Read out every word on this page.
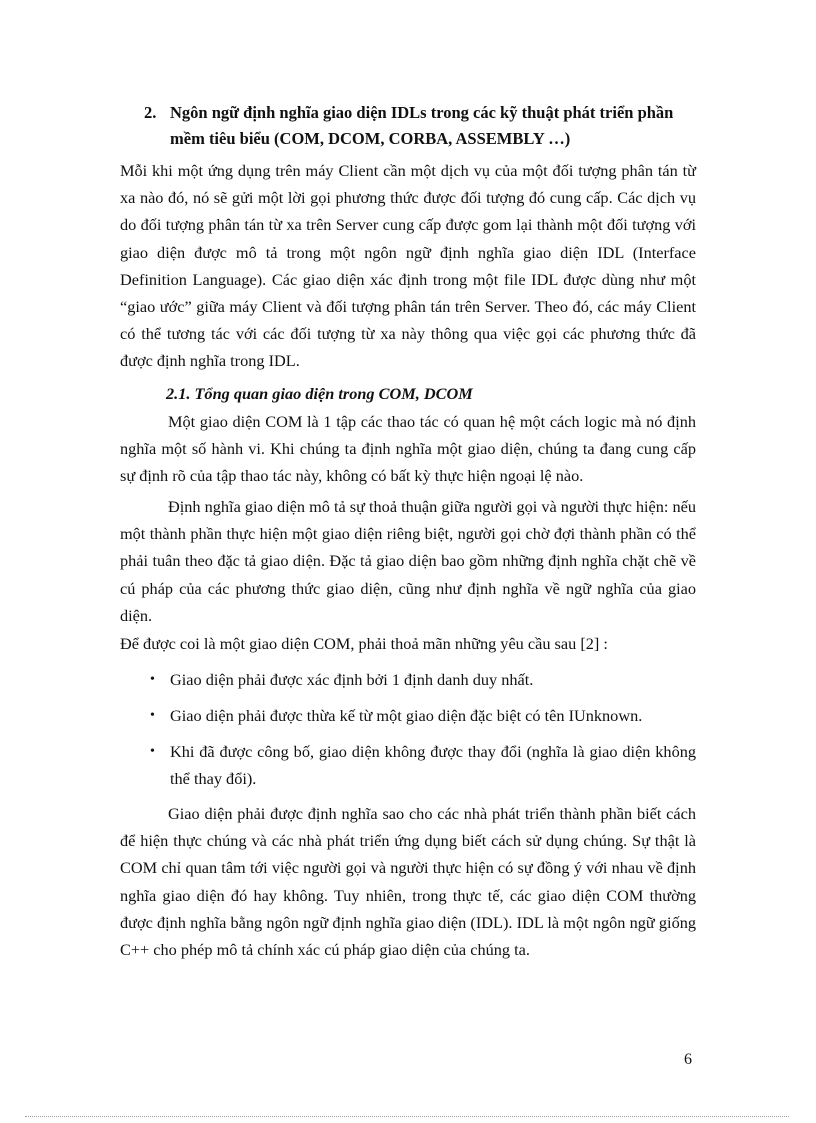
2. Ngôn ngữ định nghĩa giao diện IDLs trong các kỹ thuật phát triển phần mềm tiêu biểu (COM, DCOM, CORBA, ASSEMBLY …)

Mỗi khi một ứng dụng trên máy Client cần một dịch vụ của một đối tượng phân tán từ xa nào đó, nó sẽ gửi một lời gọi phương thức được đối tượng đó cung cấp. Các dịch vụ do đối tượng phân tán từ xa trên Server cung cấp được gom lại thành một đối tượng với giao diện được mô tả trong một ngôn ngữ định nghĩa giao diện IDL (Interface Definition Language). Các giao diện xác định trong một file IDL được dùng như một “giao ước” giữa máy Client và đối tượng phân tán trên Server. Theo đó, các máy Client có thể tương tác với các đối tượng từ xa này thông qua việc gọi các phương thức đã được định nghĩa trong IDL.

2.1. Tổng quan giao diện trong COM, DCOM

Một giao diện COM là 1 tập các thao tác có quan hệ một cách logic mà nó định nghĩa một số hành vi. Khi chúng ta định nghĩa một giao diện, chúng ta đang cung cấp sự định rõ của tập thao tác này, không có bất kỳ thực hiện ngoại lệ nào.

Định nghĩa giao diện mô tả sự thoả thuận giữa người gọi và người thực hiện: nếu một thành phần thực hiện một giao diện riêng biệt, người gọi chờ đợi thành phần có thể phải tuân theo đặc tả giao diện. Đặc tả giao diện bao gồm những định nghĩa chặt chẽ về cú pháp của các phương thức giao diện, cũng như định nghĩa về ngữ nghĩa của giao diện.

Để được coi là một giao diện COM, phải thoả mãn những yêu cầu sau [2] :

• Giao diện phải được xác định bởi 1 định danh duy nhất.
• Giao diện phải được thừa kế từ một giao diện đặc biệt có tên IUnknown.
• Khi đã được công bố, giao diện không được thay đổi (nghĩa là giao diện không thể thay đổi).

Giao diện phải được định nghĩa sao cho các nhà phát triển thành phần biết cách để hiện thực chúng và các nhà phát triển ứng dụng biết cách sử dụng chúng. Sự thật là COM chỉ quan tâm tới việc người gọi và người thực hiện có sự đồng ý với nhau về định nghĩa giao diện đó hay không. Tuy nhiên, trong thực tế, các giao diện COM thường được định nghĩa bằng ngôn ngữ định nghĩa giao diện (IDL). IDL là một ngôn ngữ giống C++ cho phép mô tả chính xác cú pháp giao diện của chúng ta.

6
